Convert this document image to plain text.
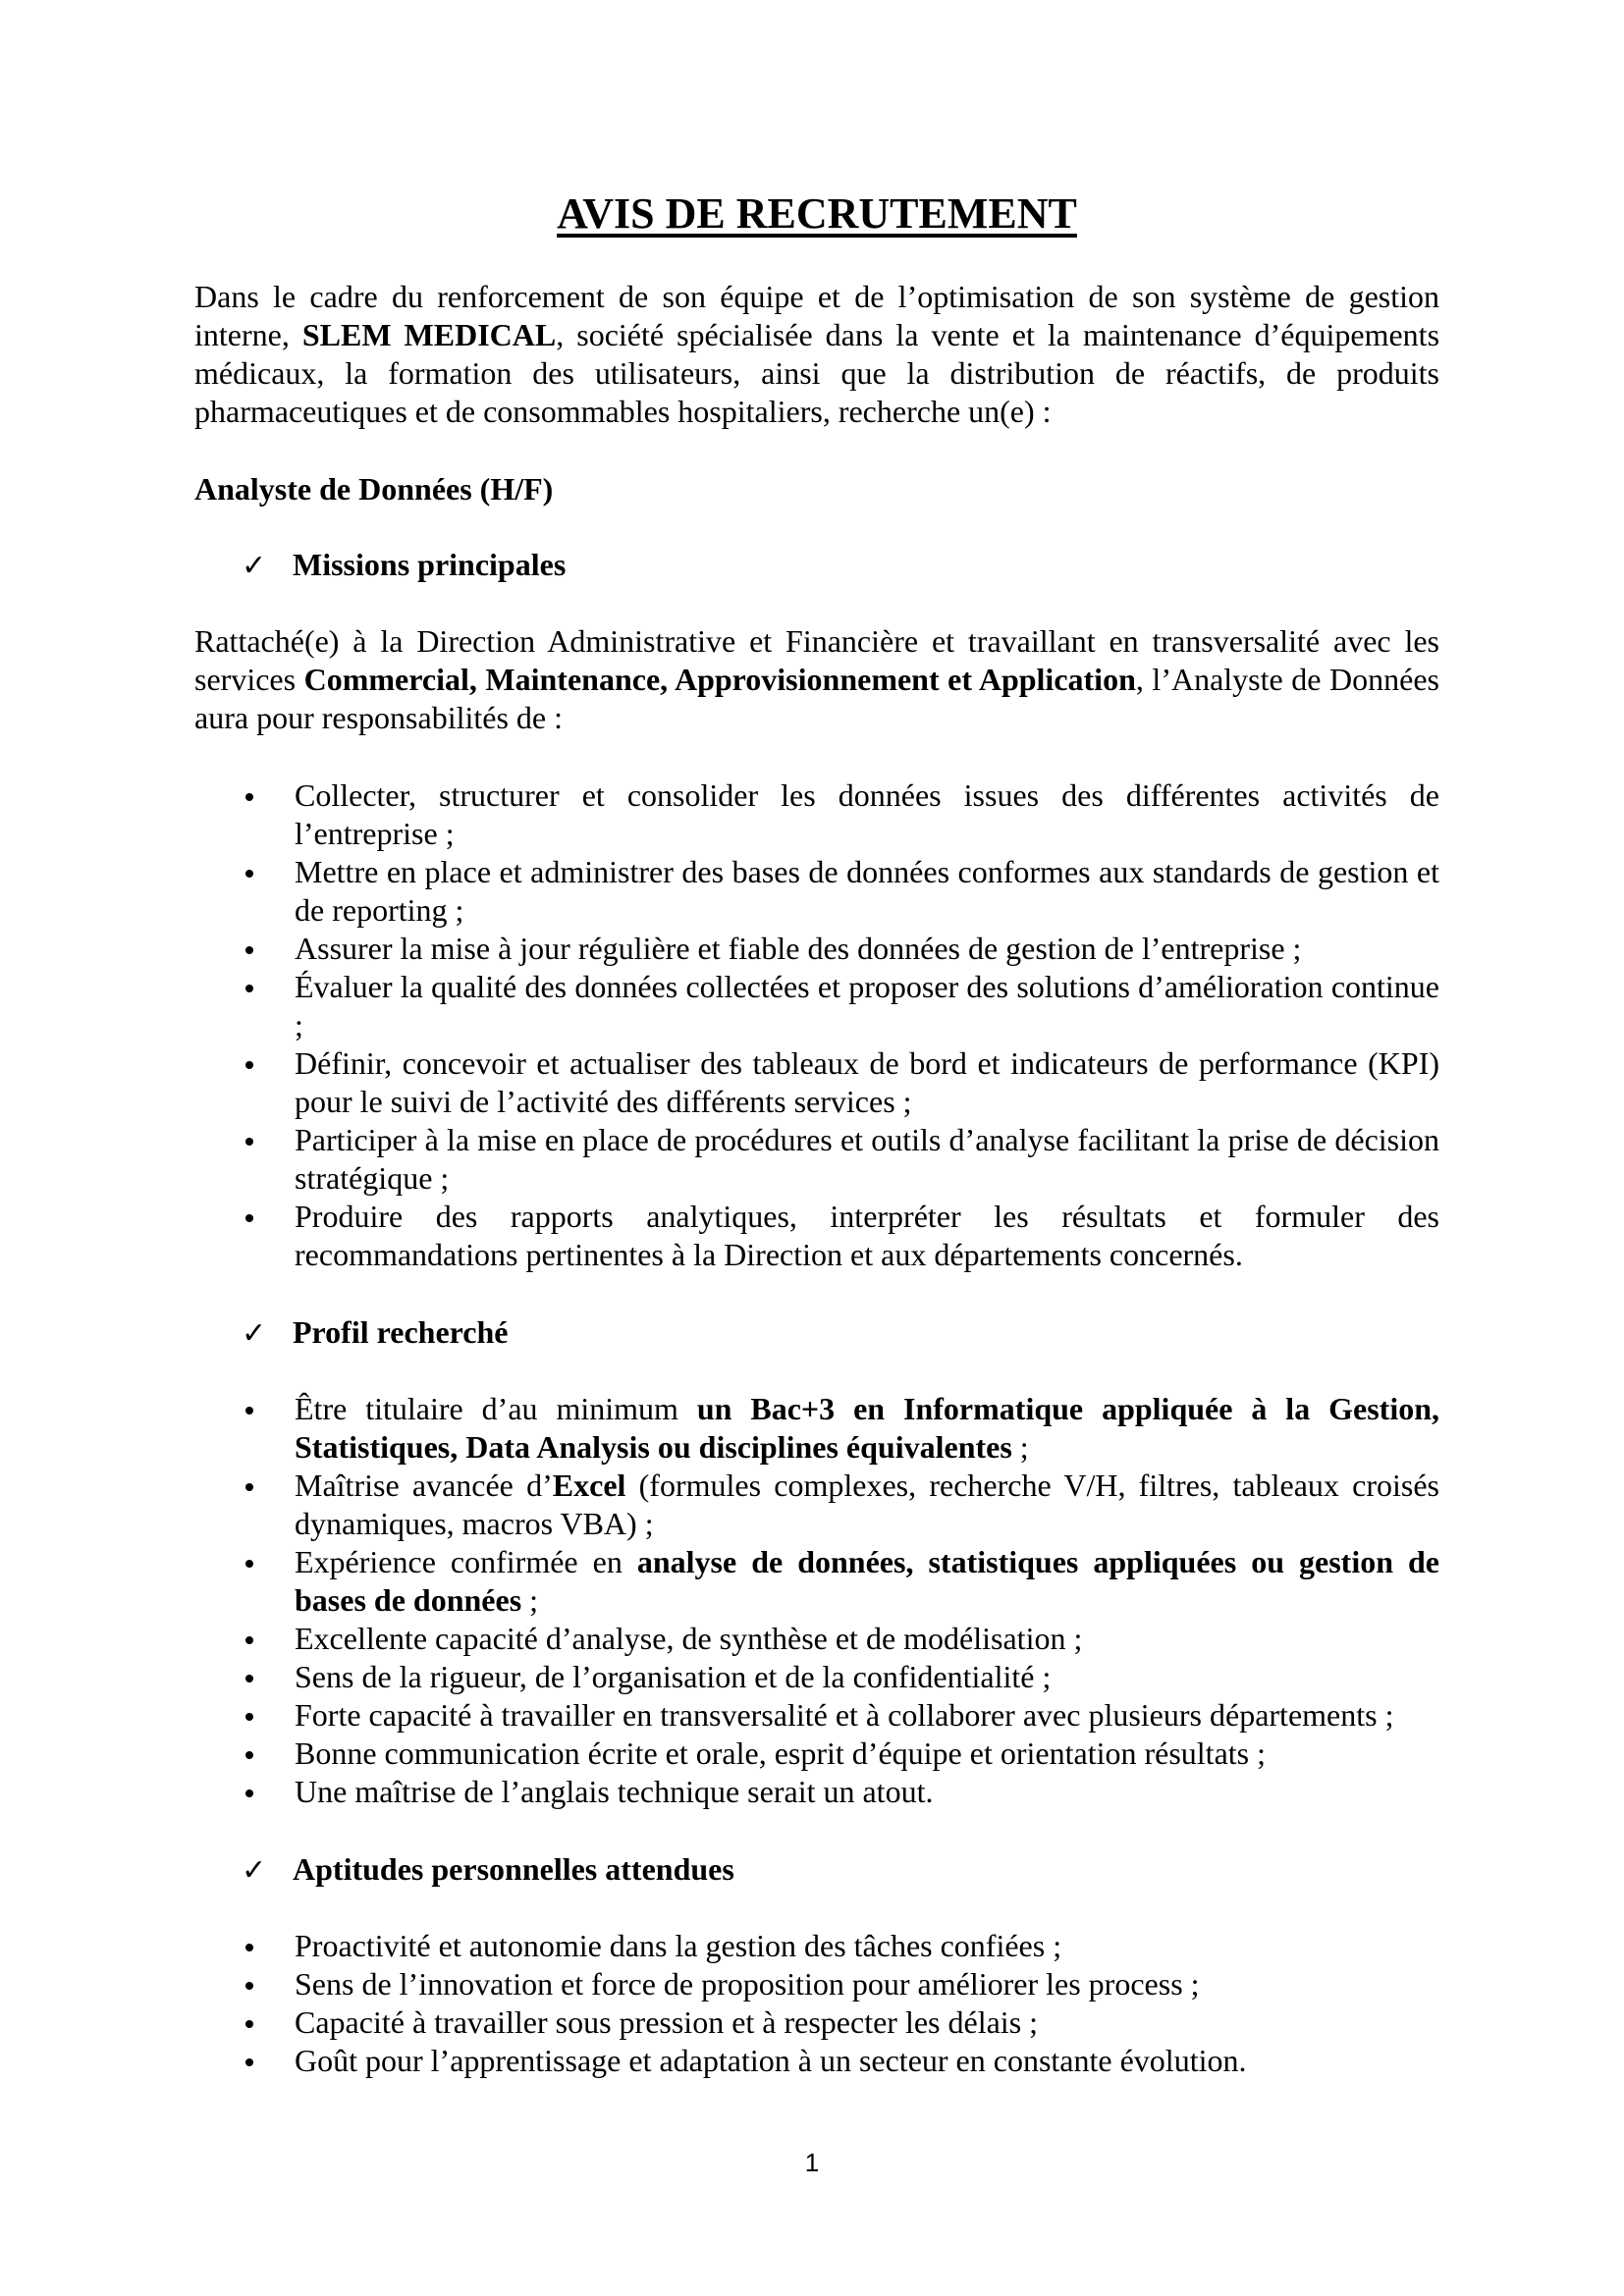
AVIS DE RECRUTEMENT

Dans le cadre du renforcement de son équipe et de l’optimisation de son système de gestion interne, SLEM MEDICAL, société spécialisée dans la vente et la maintenance d’équipements médicaux, la formation des utilisateurs, ainsi que la distribution de réactifs, de produits pharmaceutiques et de consommables hospitaliers, recherche un(e) :

Analyste de Données (H/F)
✓ Missions principales

Rattaché(e) à la Direction Administrative et Financière et travaillant en transversalité avec les services Commercial, Maintenance, Approvisionnement et Application, l’Analyste de Données aura pour responsabilités de :

Collecter, structurer et consolider les données issues des différentes activités de l’entreprise ;
Mettre en place et administrer des bases de données conformes aux standards de gestion et de reporting ;
Assurer la mise à jour régulière et fiable des données de gestion de l’entreprise ;
Évaluer la qualité des données collectées et proposer des solutions d’amélioration continue ;
Définir, concevoir et actualiser des tableaux de bord et indicateurs de performance (KPI) pour le suivi de l’activité des différents services ;
Participer à la mise en place de procédures et outils d’analyse facilitant la prise de décision stratégique ;
Produire des rapports analytiques, interpréter les résultats et formuler des recommandations pertinentes à la Direction et aux départements concernés.
✓ Profil recherché
Être titulaire d’au minimum un Bac+3 en Informatique appliquée à la Gestion, Statistiques, Data Analysis ou disciplines équivalentes ;
Maîtrise avancée d’Excel (formules complexes, recherche V/H, filtres, tableaux croisés dynamiques, macros VBA) ;
Expérience confirmée en analyse de données, statistiques appliquées ou gestion de bases de données ;
Excellente capacité d’analyse, de synthèse et de modélisation ;
Sens de la rigueur, de l’organisation et de la confidentialité ;
Forte capacité à travailler en transversalité et à collaborer avec plusieurs départements ;
Bonne communication écrite et orale, esprit d’équipe et orientation résultats ;
Une maîtrise de l’anglais technique serait un atout.
✓ Aptitudes personnelles attendues
Proactivité et autonomie dans la gestion des tâches confiées ;
Sens de l’innovation et force de proposition pour améliorer les process ;
Capacité à travailler sous pression et à respecter les délais ;
Goût pour l’apprentissage et adaptation à un secteur en constante évolution.
1
